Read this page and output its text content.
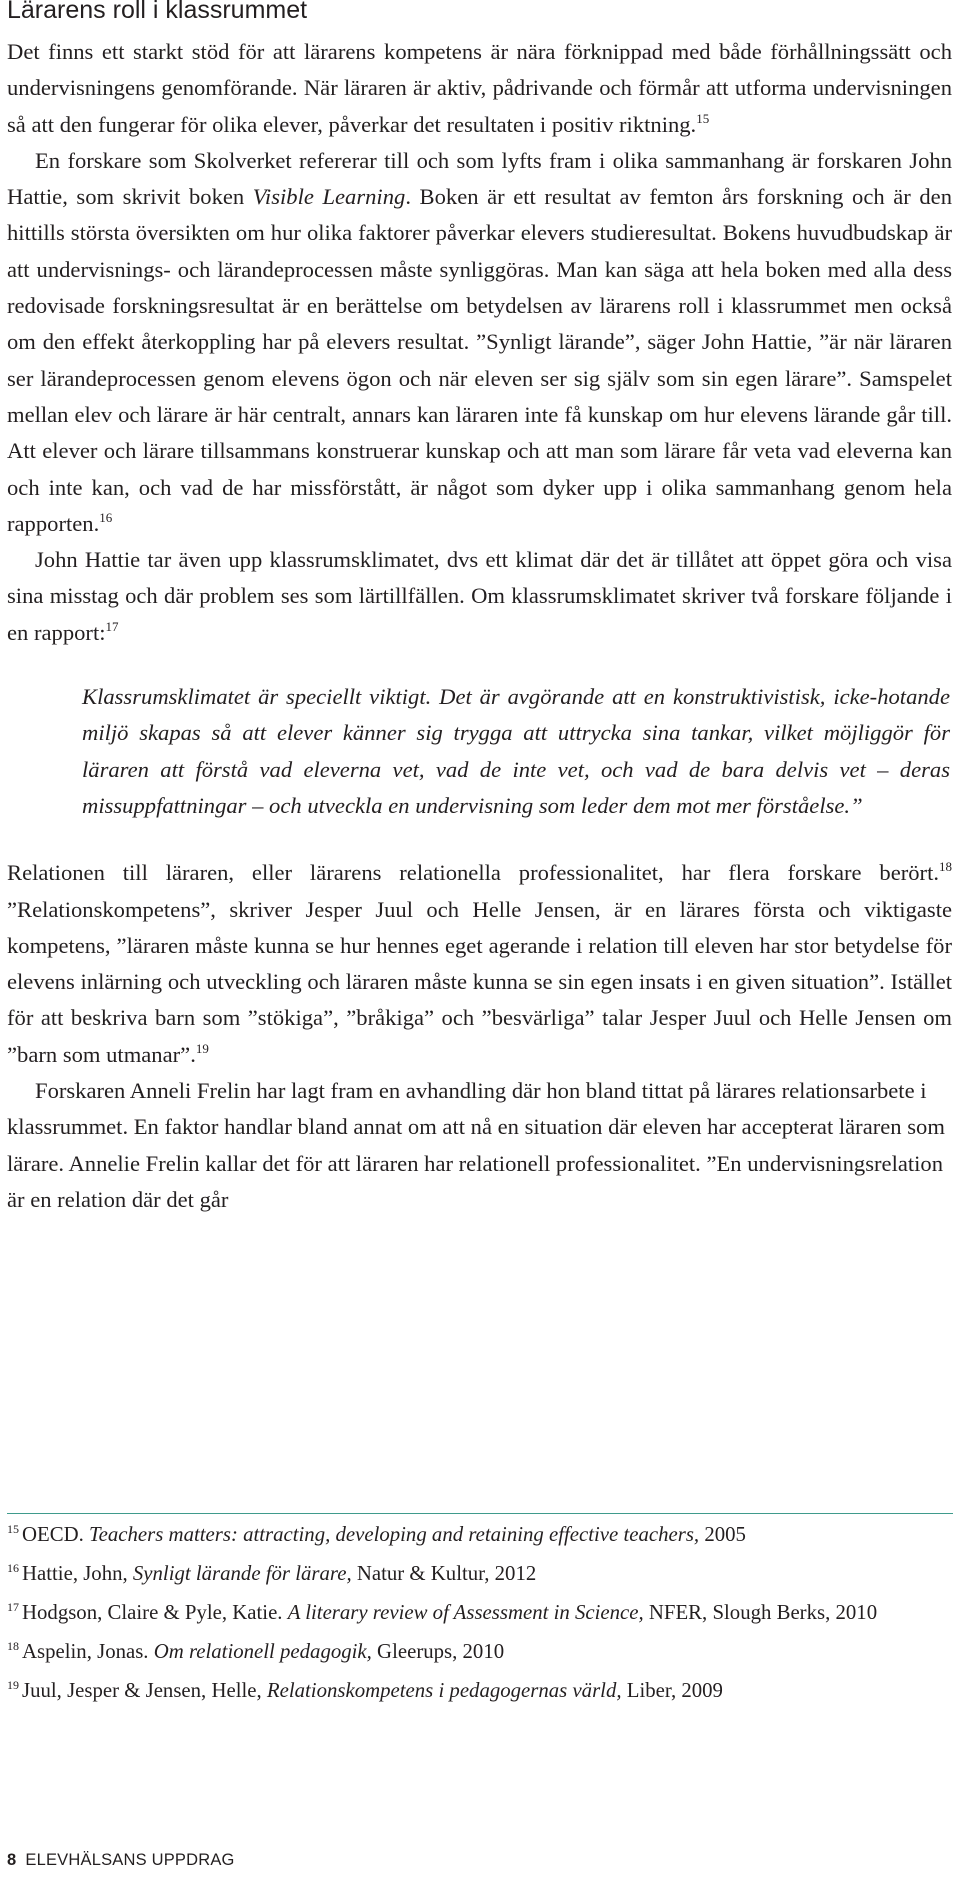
Lärarens roll i klassrummet

Det finns ett starkt stöd för att lärarens kompetens är nära förknippad med både förhållningssätt och undervisningens genomförande. När läraren är aktiv, pådrivande och förmår att utforma undervisningen så att den fungerar för olika elever, påverkar det resultaten i positiv riktning.$^{15}$

En forskare som Skolverket refererar till och som lyfts fram i olika sammanhang är forskaren John Hattie, som skrivit boken Visible Learning. Boken är ett resultat av femton års forskning och är den hittills största översikten om hur olika faktorer påverkar elevers studieresultat. Bokens huvudbudskap är att undervisnings- och lärandeprocessen måste synliggöras. Man kan säga att hela boken med alla dess redovisade forskningsresultat är en berättelse om betydelsen av lärarens roll i klassrummet men också om den effekt återkoppling har på elevers resultat. ”Synligt lärande”, säger John Hattie, ”är när läraren ser lärandeprocessen genom elevens ögon och när eleven ser sig själv som sin egen lärare”. Samspelet mellan elev och lärare är här centralt, annars kan läraren inte få kunskap om hur elevens lärande går till. Att elever och lärare tillsammans konstruerar kunskap och att man som lärare får veta vad eleverna kan och inte kan, och vad de har missförstått, är något som dyker upp i olika sammanhang genom hela rapporten.$^{16}$

John Hattie tar även upp klassrumsklimatet, dvs ett klimat där det är tillåtet att öppet göra och visa sina misstag och där problem ses som lärtillfällen. Om klassrumsklimatet skriver två forskare följande i en rapport:$^{17}$

Klassrumsklimatet är speciellt viktigt. Det är avgörande att en konstruktivistisk, icke-hotande miljö skapas så att elever känner sig trygga att uttrycka sina tankar, vilket möjliggör för läraren att förstå vad eleverna vet, vad de inte vet, och vad de bara delvis vet – deras missuppfattningar – och utveckla en undervisning som leder dem mot mer förståelse.”

Relationen till läraren, eller lärarens relationella professionalitet, har flera forskare berört.$^{18}$ ”Relationskompetens”, skriver Jesper Juul och Helle Jensen, är en lärares första och viktigaste kompetens, ”läraren måste kunna se hur hennes eget agerande i relation till eleven har stor betydelse för elevens inlärning och utveckling och läraren måste kunna se sin egen insats i en given situation”. Istället för att beskriva barn som ”stökiga”, ”bråkiga” och ”besvärliga” talar Jesper Juul och Helle Jensen om ”barn som utmanar”.$^{19}$

Forskaren Anneli Frelin har lagt fram en avhandling där hon bland tittat på lärares relationsarbete i klassrummet. En faktor handlar bland annat om att nå en situation där eleven har accepterat läraren som lärare. Annelie Frelin kallar det för att läraren har relationell professionalitet. ”En undervisningsrelation är en relation där det går

$^{15}$ OECD. Teachers matters: attracting, developing and retaining effective teachers, 2005

$^{16}$ Hattie, John, Synligt lärande för lärare, Natur & Kultur, 2012

$^{17}$ Hodgson, Claire & Pyle, Katie. A literary review of Assessment in Science, NFER, Slough Berks, 2010

$^{18}$ Aspelin, Jonas. Om relationell pedagogik, Gleerups, 2010

$^{19}$ Juul, Jesper & Jensen, Helle, Relationskompetens i pedagogernas värld, Liber, 2009

8 ELEVHÄLSANS UPPDRAG
